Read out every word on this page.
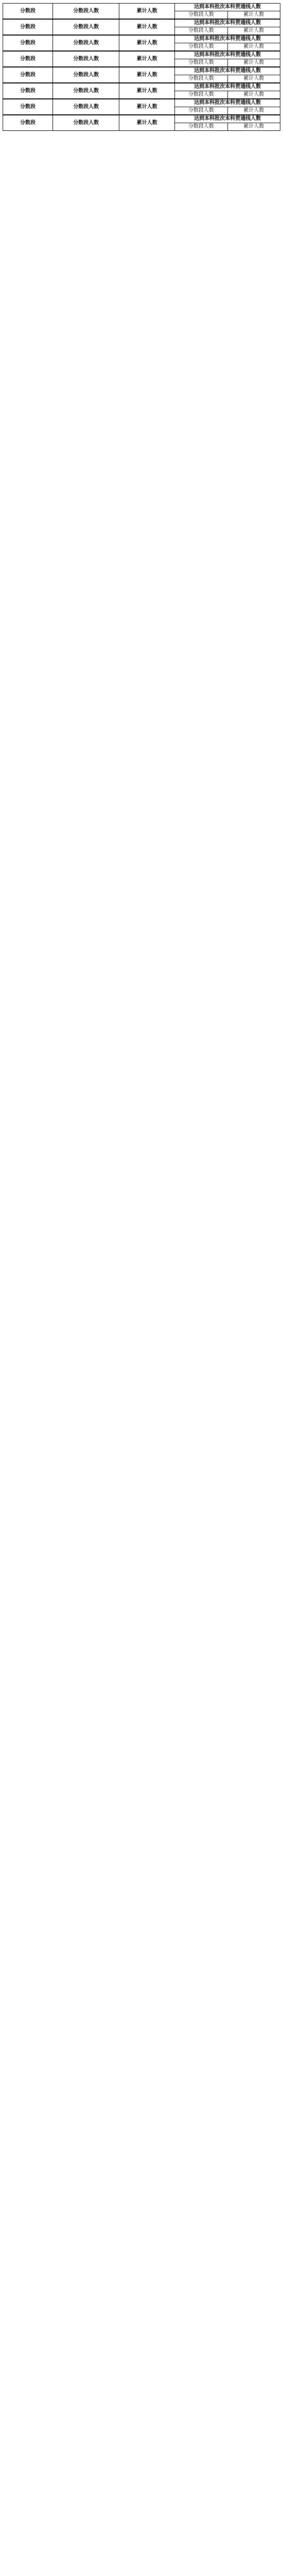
分数段	分数段人数	累计人数	达到本科批次本科贯通线人数	
			分数段人数	累计人数
分数段	分数段人数	累计人数	达到本科批次本科贯通线人数	
			分数段人数	累计人数
分数段	分数段人数	累计人数	达到本科批次本科贯通线人数	
			分数段人数	累计人数
分数段	分数段人数	累计人数	达到本科批次本科贯通线人数	
			分数段人数	累计人数
分数段	分数段人数	累计人数	达到本科批次本科贯通线人数	
			分数段人数	累计人数
分数段	分数段人数	累计人数	达到本科批次本科贯通线人数	
			分数段人数	累计人数
分数段	分数段人数	累计人数	达到本科批次本科贯通线人数	
			分数段人数	累计人数
分数段	分数段人数	累计人数	达到本科批次本科贯通线人数	
			分数段人数	累计人数
